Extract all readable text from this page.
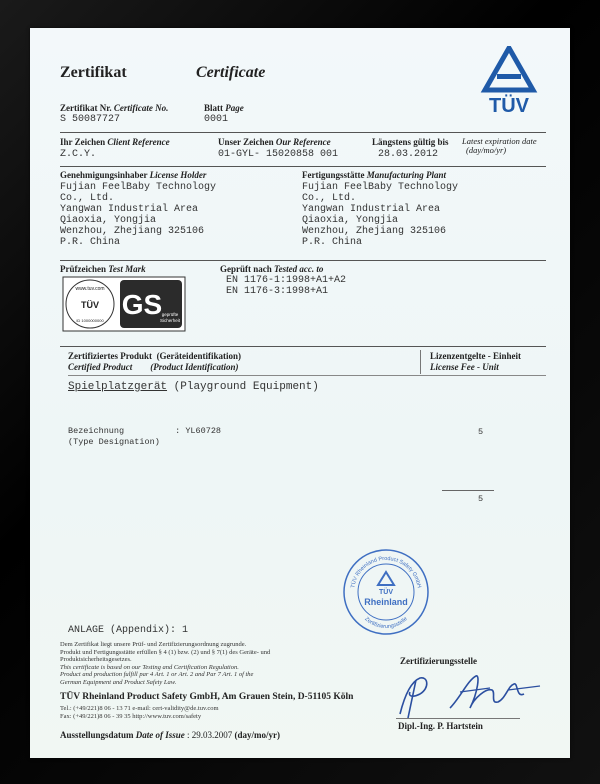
Zertifikat	Certificate
TÜV
Zertifikat Nr. Certificate No.
S 50087727
Blatt Page
0001
Ihr Zeichen Client Reference
Z.C.Y.
Unser Zeichen Our Reference
01-GYL- 15020858 001
Längstens gültig bis
28.03.2012
Latest expiration date
(day/mo/yr)
Genehmigungsinhaber License Holder
Fujian FeelBaby Technology
Co., Ltd.
Yangwan Industrial Area
Qiaoxia, Yongjia
Wenzhou, Zhejiang 325106
P.R. China
Fertigungsstätte Manufacturing Plant
Fujian FeelBaby Technology
Co., Ltd.
Yangwan Industrial Area
Qiaoxia, Yongjia
Wenzhou, Zhejiang 325106
P.R. China
Prüfzeichen Test Mark
www.tuv.com
TÜV
ID 1000000000
GS geprüfte
Sicherheit
Geprüft nach Tested acc. to
EN 1176-1:1998+A1+A2
EN 1176-3:1998+A1
Zertifiziertes Produkt (Geräteidentifikation)
Certified Product (Product Identification)
Lizenzentgelte - Einheit
License Fee - Unit
Spielplatzgerät (Playground Equipment)
Bezeichnung	: YL60728
(Type Designation)
5
5
TÜV Rheinland Product Safety GmbH
Zertifizierungsstelle
TÜV
Rheinland
ANLAGE (Appendix): 1
Dem Zertifikat liegt unsere Prüf- und Zertifizierungsordnung zugrunde.
Produkt und Fertigungsstätte erfüllen § 4 (1) bzw. (2) und § 7(1) des Geräte- und
Produktsicherheitsgesetzes.
This certificate is based on our Testing and Certification Regulation.
Product and production fulfill par 4 Art. 1 or Art. 2 and Par 7 Art. 1 of the
German Equipment and Product Safety Law.
TÜV Rheinland Product Safety GmbH, Am Grauen Stein, D-51105 Köln
Tel.: (+49/221)8 06 - 13 71 e-mail: cert-validity@de.tuv.com
Fax: (+49/221)8 06 - 39 35 http://www.tuv.com/safety
Ausstellungsdatum Date of Issue : 29.03.2007 (day/mo/yr)
Zertifizierungsstelle
Dipl.-Ing. P. Hartstein
